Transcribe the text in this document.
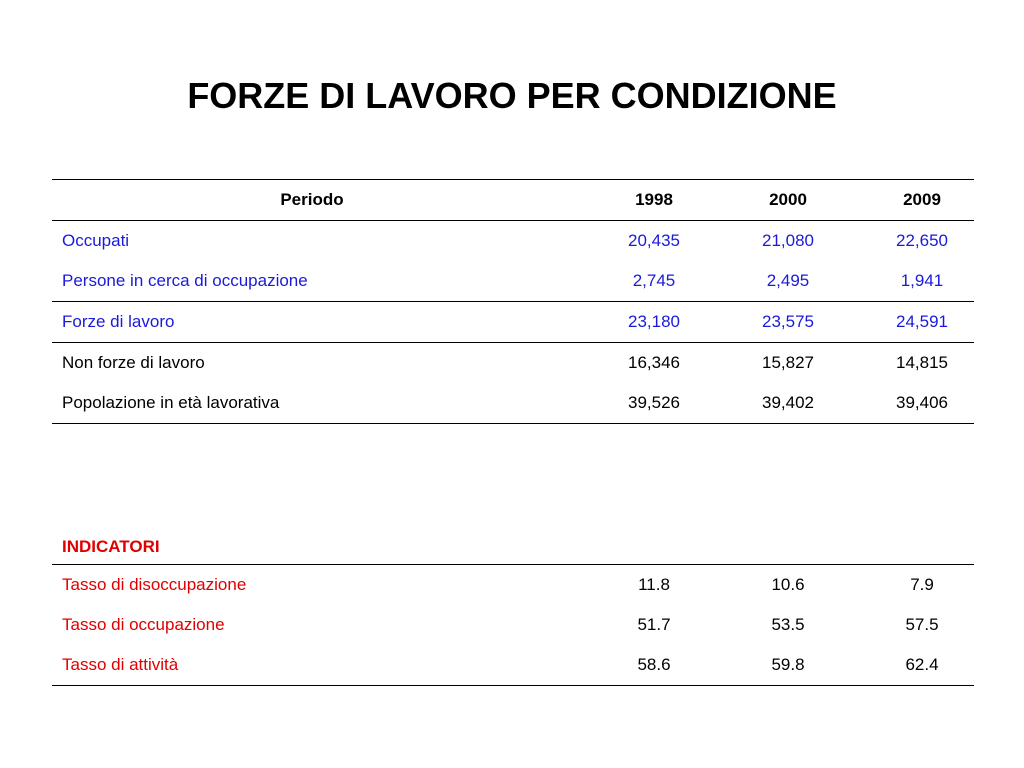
FORZE DI LAVORO PER CONDIZIONE
Periodo	1998	2000	2009
Occupati	20,435	21,080	22,650
Persone in cerca di occupazione	2,745	2,495	1,941
Forze di lavoro	23,180	23,575	24,591
Non forze di lavoro	16,346	15,827	14,815
Popolazione in età lavorativa	39,526	39,402	39,406
INDICATORI			
Tasso di disoccupazione	11.8	10.6	7.9
Tasso di occupazione	51.7	53.5	57.5
Tasso di attività	58.6	59.8	62.4
